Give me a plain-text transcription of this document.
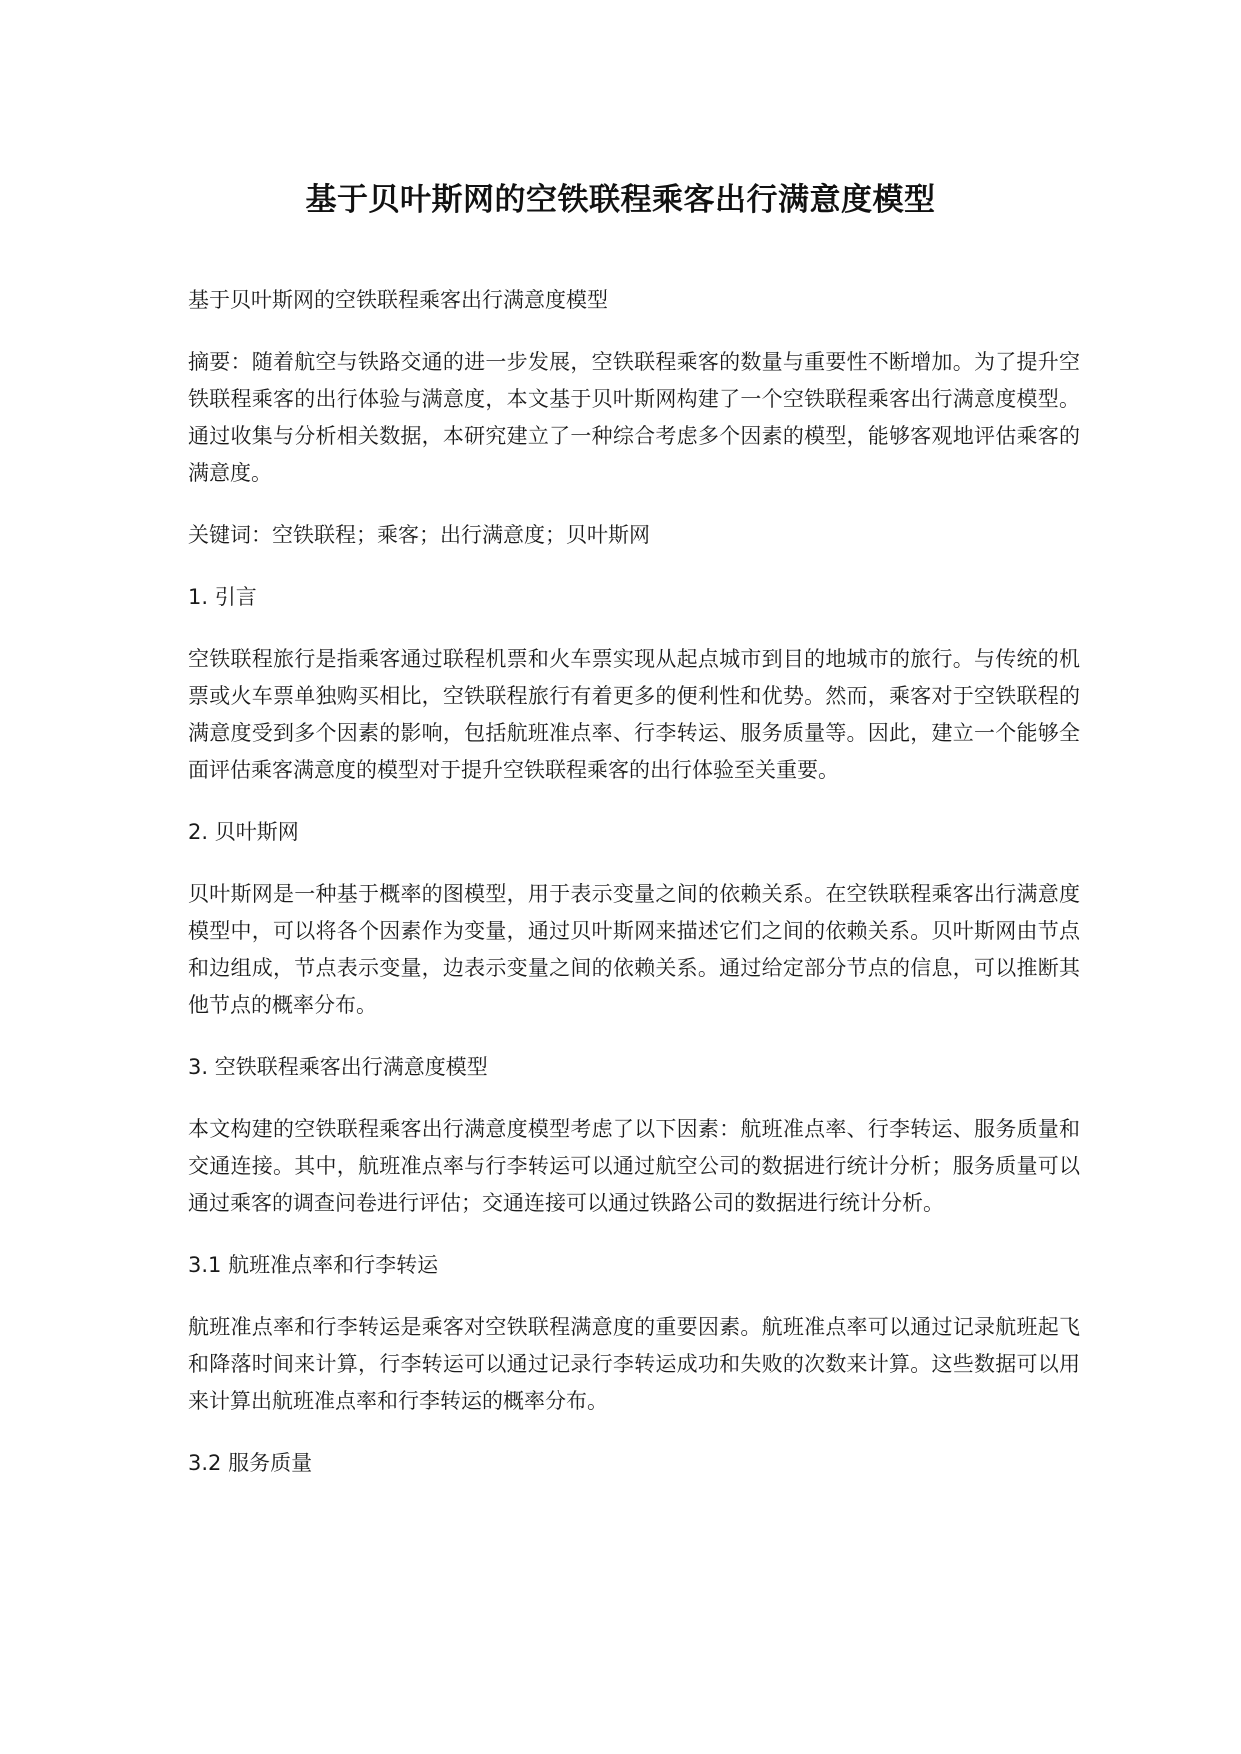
基于贝叶斯网的空铁联程乘客出行满意度模型

基于贝叶斯网的空铁联程乘客出行满意度模型

摘要：随着航空与铁路交通的进一步发展，空铁联程乘客的数量与重要性不断增加。为了提升空铁联程乘客的出行体验与满意度，本文基于贝叶斯网构建了一个空铁联程乘客出行满意度模型。通过收集与分析相关数据，本研究建立了一种综合考虑多个因素的模型，能够客观地评估乘客的满意度。

关键词：空铁联程；乘客；出行满意度；贝叶斯网

1. 引言

空铁联程旅行是指乘客通过联程机票和火车票实现从起点城市到目的地城市的旅行。与传统的机票或火车票单独购买相比，空铁联程旅行有着更多的便利性和优势。然而，乘客对于空铁联程的满意度受到多个因素的影响，包括航班准点率、行李转运、服务质量等。因此，建立一个能够全面评估乘客满意度的模型对于提升空铁联程乘客的出行体验至关重要。

2. 贝叶斯网

贝叶斯网是一种基于概率的图模型，用于表示变量之间的依赖关系。在空铁联程乘客出行满意度模型中，可以将各个因素作为变量，通过贝叶斯网来描述它们之间的依赖关系。贝叶斯网由节点和边组成，节点表示变量，边表示变量之间的依赖关系。通过给定部分节点的信息，可以推断其他节点的概率分布。

3. 空铁联程乘客出行满意度模型

本文构建的空铁联程乘客出行满意度模型考虑了以下因素：航班准点率、行李转运、服务质量和交通连接。其中，航班准点率与行李转运可以通过航空公司的数据进行统计分析；服务质量可以通过乘客的调查问卷进行评估；交通连接可以通过铁路公司的数据进行统计分析。

3.1 航班准点率和行李转运

航班准点率和行李转运是乘客对空铁联程满意度的重要因素。航班准点率可以通过记录航班起飞和降落时间来计算，行李转运可以通过记录行李转运成功和失败的次数来计算。这些数据可以用来计算出航班准点率和行李转运的概率分布。

3.2 服务质量
